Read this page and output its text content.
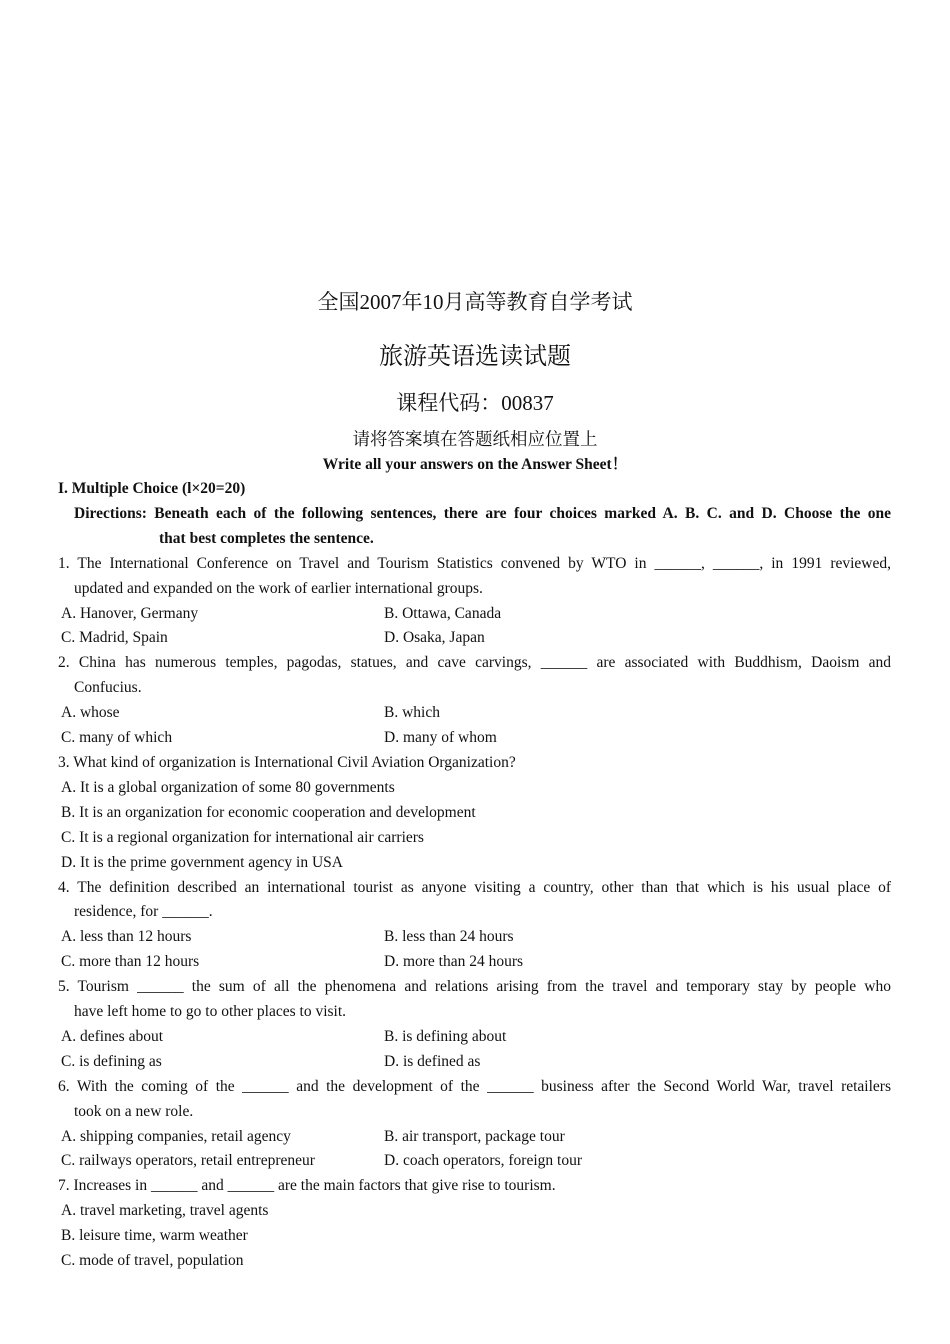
全国2007年10月高等教育自学考试
旅游英语选读试题
课程代码：00837
请将答案填在答题纸相应位置上
Write all your answers on the Answer Sheet！
I. Multiple Choice (l×20=20)
Directions: Beneath each of the following sentences, there are four choices marked A. B. C. and D. Choose the one
that best completes the sentence.
1. The International Conference on Travel and Tourism Statistics convened by WTO in ______, ______, in 1991 reviewed,
updated and expanded on the work of earlier international groups.
A. Hanover, Germany	B. Ottawa, Canada
C. Madrid, Spain	D. Osaka, Japan
2. China has numerous temples, pagodas, statues, and cave carvings, ______ are associated with Buddhism, Daoism and
Confucius.
A. whose	B. which
C. many of which	D. many of whom
3. What kind of organization is International Civil Aviation Organization?
A. It is a global organization of some 80 governments
B. It is an organization for economic cooperation and development
C. It is a regional organization for international air carriers
D. It is the prime government agency in USA
4. The definition described an international tourist as anyone visiting a country, other than that which is his usual place of
residence, for ______.
A. less than 12 hours	B. less than 24 hours
C. more than 12 hours	D. more than 24 hours
5. Tourism ______ the sum of all the phenomena and relations arising from the travel and temporary stay by people who
have left home to go to other places to visit.
A. defines about	B. is defining about
C. is defining as	D. is defined as
6. With the coming of the ______ and the development of the ______ business after the Second World War, travel retailers
took on a new role.
A. shipping companies, retail agency	B. air transport, package tour
C. railways operators, retail entrepreneur	D. coach operators, foreign tour
7. Increases in ______ and ______ are the main factors that give rise to tourism.
A. travel marketing, travel agents
B. leisure time, warm weather
C. mode of travel, population
